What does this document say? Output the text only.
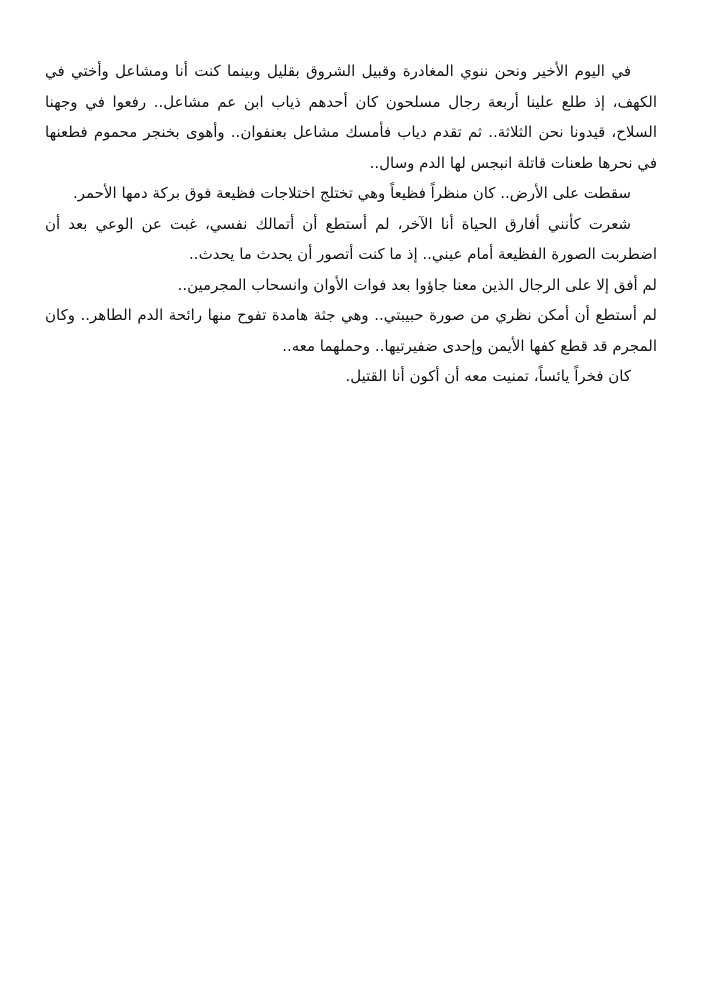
في اليوم الأخير ونحن ننوي المغادرة وقبيل الشروق بقليل وبينما كنت أنا ومشاعل وأختي في الكهف، إذ طلع علينا أربعة رجال مسلحون كان أحدهم ذياب ابن عم مشاعل.. رفعوا في وجهنا السلاح، قيدونا نحن الثلاثة.. ثم تقدم دياب فأمسك مشاعل بعنفوان.. وأهوى بخنجر محموم فطعنها في نحرها طعنات قاتلة انبجس لها الدم وسال..

سقطت على الأرض.. كان منظراً فظيعاً وهي تختلج اختلاجات فظيعة فوق بركة دمها الأحمر.

شعرت كأنني أفارق الحياة أنا الآخر، لم أستطع أن أتمالك نفسي، غبت عن الوعي بعد أن اضطربت الصورة الفظيعة أمام عيني.. إذ ما كنت أتصور أن يحدث ما يحدث..

لم أفق إلا على الرجال الذين معنا جاؤوا بعد فوات الأوان وانسحاب المجرمين..

لم أستطع أن أمكن نظري من صورة حبيبتي.. وهي جثة هامدة تفوح منها رائحة الدم الطاهر.. وكان المجرم قد قطع كفها الأيمن وإحدى ضفيرتيها.. وحملهما معه..

كان فخراً يائساً، تمنيت معه أن أكون أنا القتيل.
